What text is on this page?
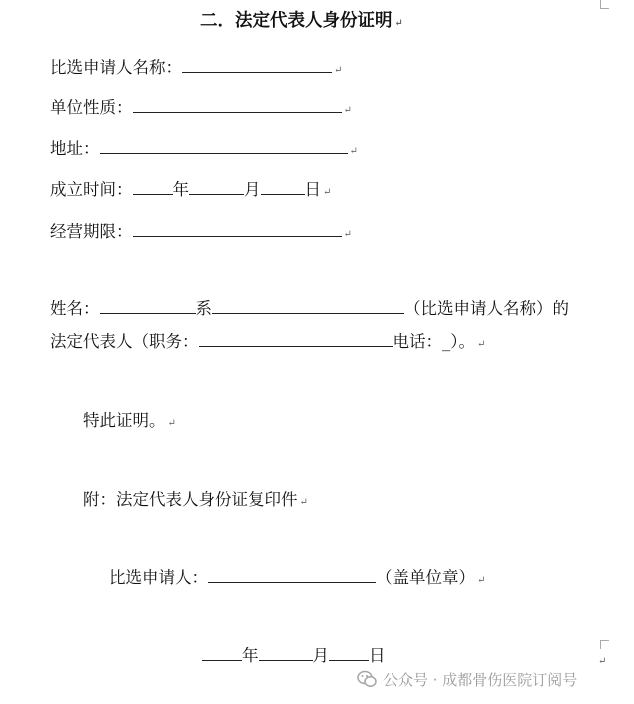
二．法定代表人身份证明 ↵
比选申请人名称：	↵
单位性质：	↵
地址：	↵
成立时间： 年	月	日 ↵
经营期限：	↵
姓名：	系	（比选申请人名称）的
法定代表人（职务：	电话：_）。 ↵
特此证明。 ↵
附：法定代表人身份证复印件 ↵
比选申请人：	（盖单位章） ↵
年	月 日	↵
公众号 · 成都骨伤医院订阅号
